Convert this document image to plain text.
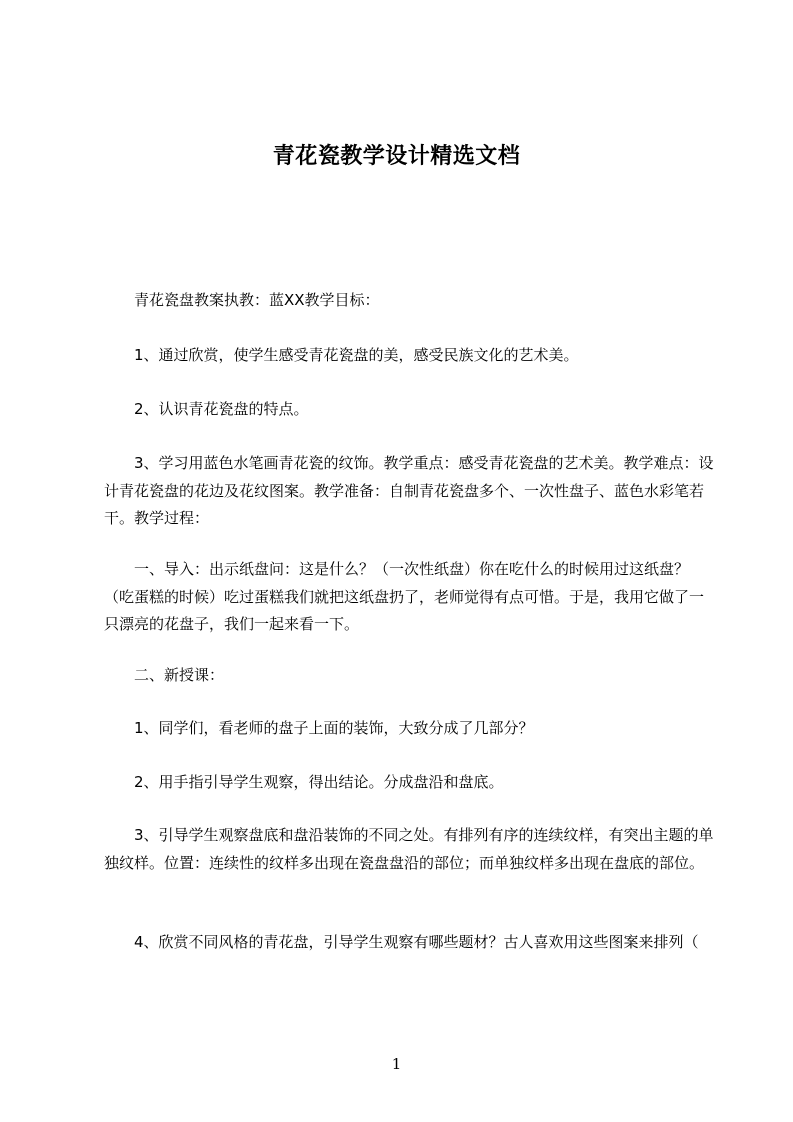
青花瓷教学设计精选文档

青花瓷盘教案执教：蓝XX教学目标：

1、通过欣赏，使学生感受青花瓷盘的美，感受民族文化的艺术美。

2、认识青花瓷盘的特点。

3、学习用蓝色水笔画青花瓷的纹饰。教学重点：感受青花瓷盘的艺术美。教学难点：设计青花瓷盘的花边及花纹图案。教学准备：自制青花瓷盘多个、一次性盘子、蓝色水彩笔若干。教学过程：

一、导入：出示纸盘问：这是什么？（一次性纸盘）你在吃什么的时候用过这纸盘？（吃蛋糕的时候）吃过蛋糕我们就把这纸盘扔了，老师觉得有点可惜。于是，我用它做了一只漂亮的花盘子，我们一起来看一下。

二、新授课：

1、同学们，看老师的盘子上面的装饰，大致分成了几部分？

2、用手指引导学生观察，得出结论。分成盘沿和盘底。

3、引导学生观察盘底和盘沿装饰的不同之处。有排列有序的连续纹样，有突出主题的单独纹样。位置：连续性的纹样多出现在瓷盘盘沿的部位；而单独纹样多出现在盘底的部位。

4、欣赏不同风格的青花盘，引导学生观察有哪些题材？古人喜欢用这些图案来排列（

1
